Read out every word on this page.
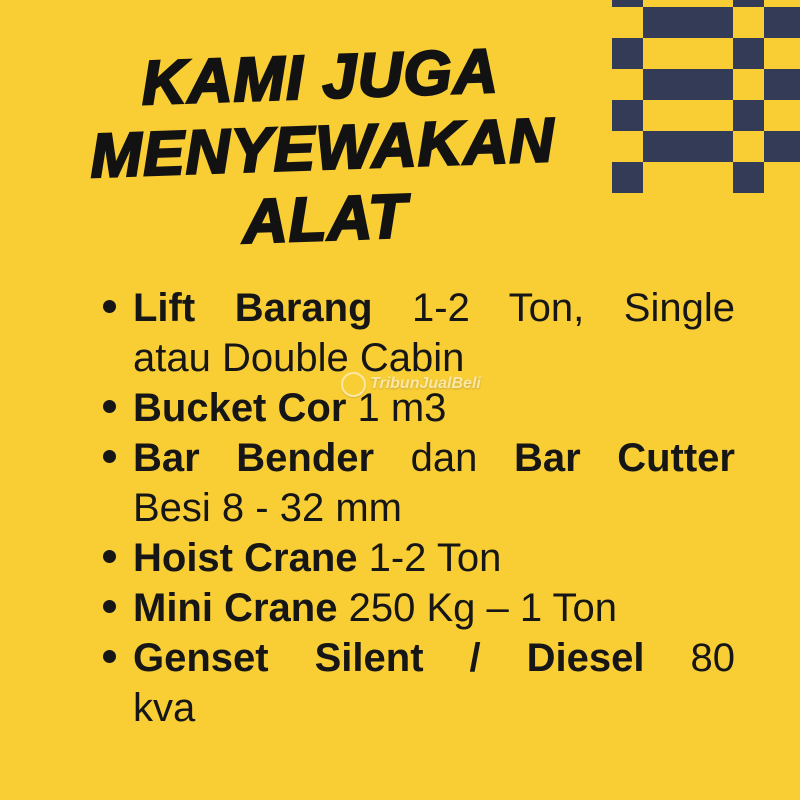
KAMI JUGA
MENYEWAKAN
ALAT
Lift Barang 1-2 Ton, Single
atau Double Cabin
Bucket Cor 1 m3
Bar Bender dan Bar Cutter
Besi 8 - 32 mm
Hoist Crane 1-2 Ton
Mini Crane 250 Kg – 1 Ton
Genset Silent / Diesel 80
kva
TribunJualBeli
